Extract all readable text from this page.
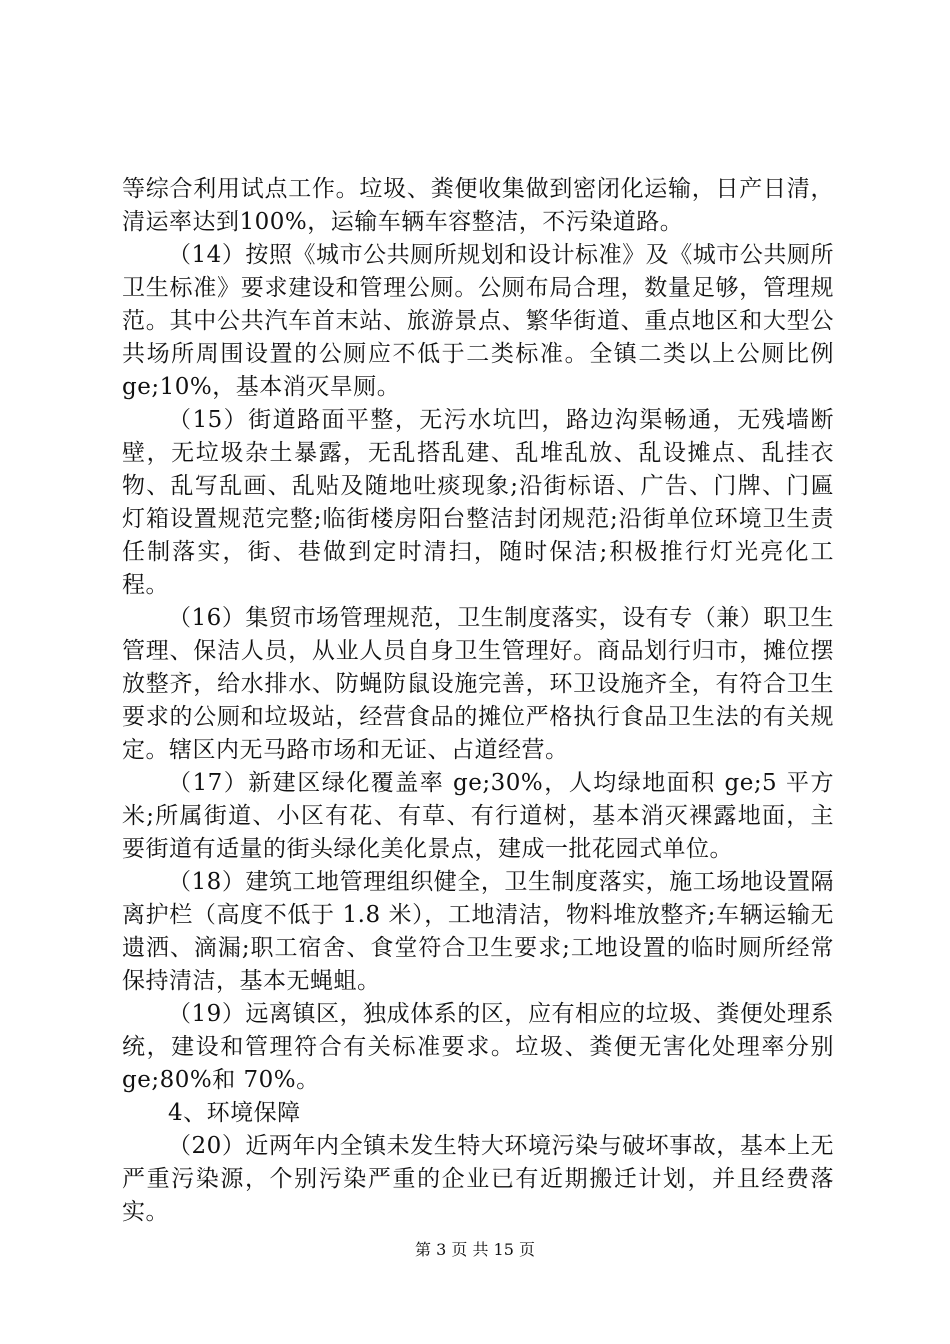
等综合利用试点工作。垃圾、粪便收集做到密闭化运输，日产日清，清运率达到100%，运输车辆车容整洁，不污染道路。

（14）按照《城市公共厕所规划和设计标准》及《城市公共厕所卫生标准》要求建设和管理公厕。公厕布局合理，数量足够，管理规范。其中公共汽车首末站、旅游景点、繁华街道、重点地区和大型公共场所周围设置的公厕应不低于二类标准。全镇二类以上公厕比例 ge;10%，基本消灭旱厕。

（15）街道路面平整，无污水坑凹，路边沟渠畅通，无残墙断壁，无垃圾杂土暴露，无乱搭乱建、乱堆乱放、乱设摊点、乱挂衣物、乱写乱画、乱贴及随地吐痰现象;沿街标语、广告、门牌、门匾灯箱设置规范完整;临街楼房阳台整洁封闭规范;沿街单位环境卫生责任制落实，街、巷做到定时清扫，随时保洁;积极推行灯光亮化工程。

（16）集贸市场管理规范，卫生制度落实，设有专（兼）职卫生管理、保洁人员，从业人员自身卫生管理好。商品划行归市，摊位摆放整齐，给水排水、防蝇防鼠设施完善，环卫设施齐全，有符合卫生要求的公厕和垃圾站，经营食品的摊位严格执行食品卫生法的有关规定。辖区内无马路市场和无证、占道经营。

（17）新建区绿化覆盖率 ge;30%，人均绿地面积 ge;5 平方米;所属街道、小区有花、有草、有行道树，基本消灭裸露地面，主要街道有适量的街头绿化美化景点，建成一批花园式单位。

（18）建筑工地管理组织健全，卫生制度落实，施工场地设置隔离护栏（高度不低于 1.8 米），工地清洁，物料堆放整齐;车辆运输无遗洒、滴漏;职工宿舍、食堂符合卫生要求;工地设置的临时厕所经常保持清洁，基本无蝇蛆。

（19）远离镇区，独成体系的区，应有相应的垃圾、粪便处理系统，建设和管理符合有关标准要求。垃圾、粪便无害化处理率分别 ge;80%和 70%。

4、环境保障

（20）近两年内全镇未发生特大环境污染与破坏事故，基本上无严重污染源，个别污染严重的企业已有近期搬迁计划，并且经费落实。

第 3 页 共 15 页
